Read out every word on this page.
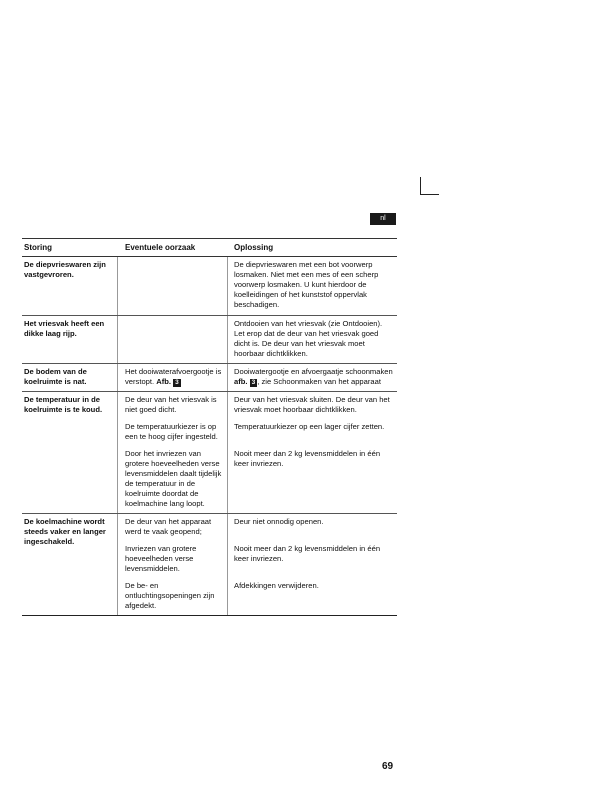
nl
Storing	Eventuele oorzaak	Oplossing
De diepvrieswaren zijn vastgevroren.
De diepvrieswaren met een bot voorwerp losmaken. Niet met een mes of een scherp voorwerp losmaken. U kunt hierdoor de koelleidingen of het kunststof oppervlak beschadigen.
Het vriesvak heeft een dikke laag rijp.
Ontdooien van het vriesvak (zie Ontdooien). Let erop dat de deur van het vriesvak goed dicht is. De deur van het vriesvak moet hoorbaar dichtklikken.
De bodem van de koelruimte is nat.
Het dooiwaterafvoergootje is verstopt. Afb. 3
Dooiwatergootje en afvoergaatje schoonmaken
afb. 3 , zie Schoonmaken van het apparaat
De temperatuur in de koelruimte is te koud.
De deur van het vriesvak is niet goed dicht.
Deur van het vriesvak sluiten. De deur van het vriesvak moet hoorbaar dichtklikken.
De temperatuurkiezer is op een te hoog cijfer ingesteld.
Temperatuurkiezer op een lager cijfer zetten.
Door het invriezen van grotere hoeveelheden verse levensmiddelen daalt tijdelijk de temperatuur in de koelruimte doordat de koelmachine lang loopt.
Nooit meer dan 2 kg levensmiddelen in één keer invriezen.
De koelmachine wordt steeds vaker en langer ingeschakeld.
De deur van het apparaat werd te vaak geopend;
Deur niet onnodig openen.
Invriezen van grotere hoeveelheden verse levensmiddelen.
Nooit meer dan 2 kg levensmiddelen in één keer invriezen.
De be- en ontluchtingsopeningen zijn afgedekt.
Afdekkingen verwijderen.
69
